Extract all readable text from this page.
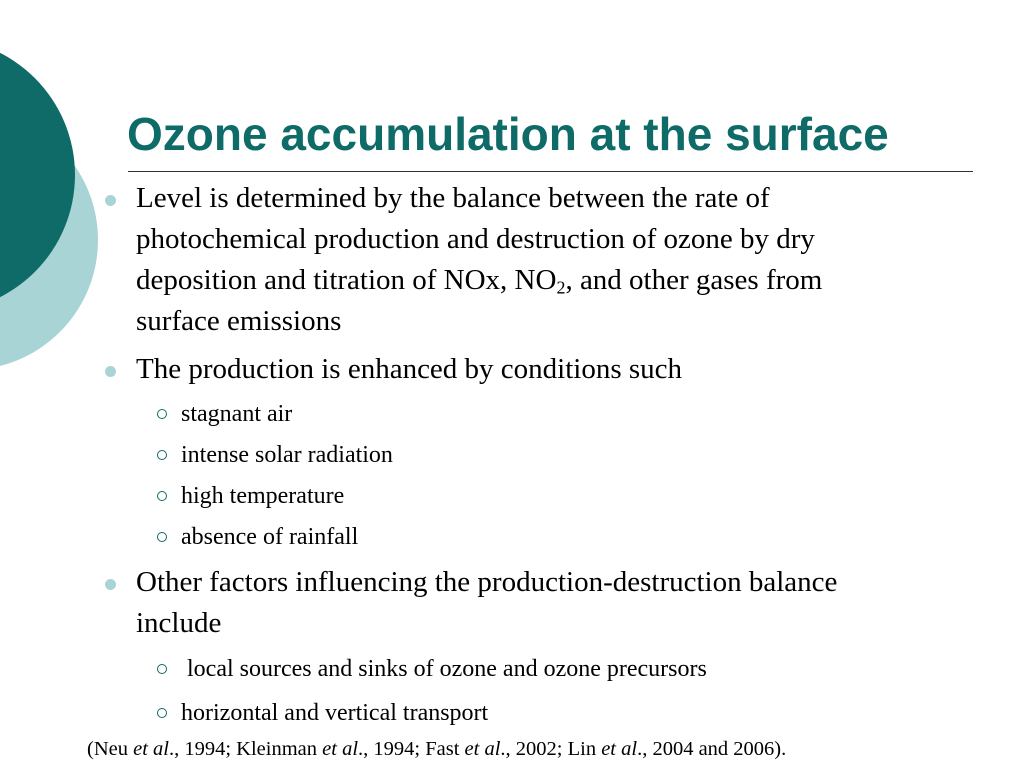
Ozone accumulation at the surface

Level is determined by the balance between the rate of

photochemical production and destruction of ozone by dry

deposition and titration of NOx, $NO_2$, and other gases from

surface emissions

The production is enhanced by conditions such

stagnant air

intense solar radiation

high temperature

absence of rainfall

Other factors influencing the production-destruction balance

include

local sources and sinks of ozone and ozone precursors

horizontal and vertical transport

(Neu et al., 1994; Kleinman et al., 1994; Fast et al., 2002; Lin et al., 2004 and 2006).
